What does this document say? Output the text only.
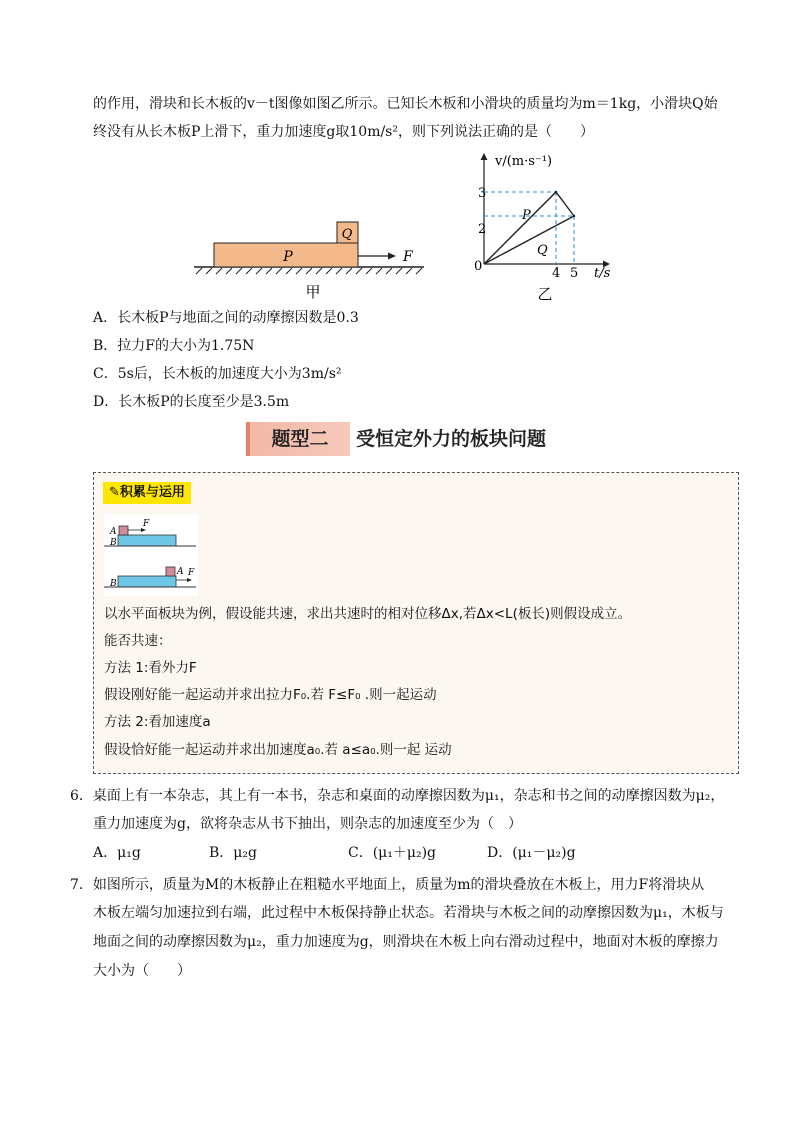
的作用，滑块和长木板的v－t图像如图乙所示。已知长木板和小滑块的质量均为m＝1kg，小滑块Q始
终没有从长木板P上滑下，重力加速度g取10m/s²，则下列说法正确的是（　　）
P
Q
F
甲
v/(m·s⁻¹)
t/s
0
3
2
4 5
P
Q
乙
A．长木板P与地面之间的动摩擦因数是0.3
B．拉力F的大小为1.75N
C．5s后，长木板的加速度大小为3m/s²
D．长木板P的长度至少是3.5m
题型二	受恒定外力的板块问题
✎积累与运用
A
B
F
A
B
F
以水平面板块为例，假设能共速，求出共速时的相对位移Δx,若Δx<L(板长)则假设成立。
能否共速：
方法 1:看外力F
假设刚好能一起运动并求出拉力F₀.若 F≤F₀ .则一起运动
方法 2:看加速度a
假设恰好能一起运动并求出加速度a₀.若 a≤a₀.则一起 运动
6．桌面上有一本杂志，其上有一本书，杂志和桌面的动摩擦因数为μ₁，杂志和书之间的动摩擦因数为μ₂，
重力加速度为g，欲将杂志从书下抽出，则杂志的加速度至少为（　）
A．μ₁g	B．μ₂g	C．(μ₁＋μ₂)g	D．(μ₁－μ₂)g
7．如图所示，质量为M的木板静止在粗糙水平地面上，质量为m的滑块叠放在木板上，用力F将滑块从
木板左端匀加速拉到右端，此过程中木板保持静止状态。若滑块与木板之间的动摩擦因数为μ₁，木板与
地面之间的动摩擦因数为μ₂，重力加速度为g，则滑块在木板上向右滑动过程中，地面对木板的摩擦力
大小为（　　）
